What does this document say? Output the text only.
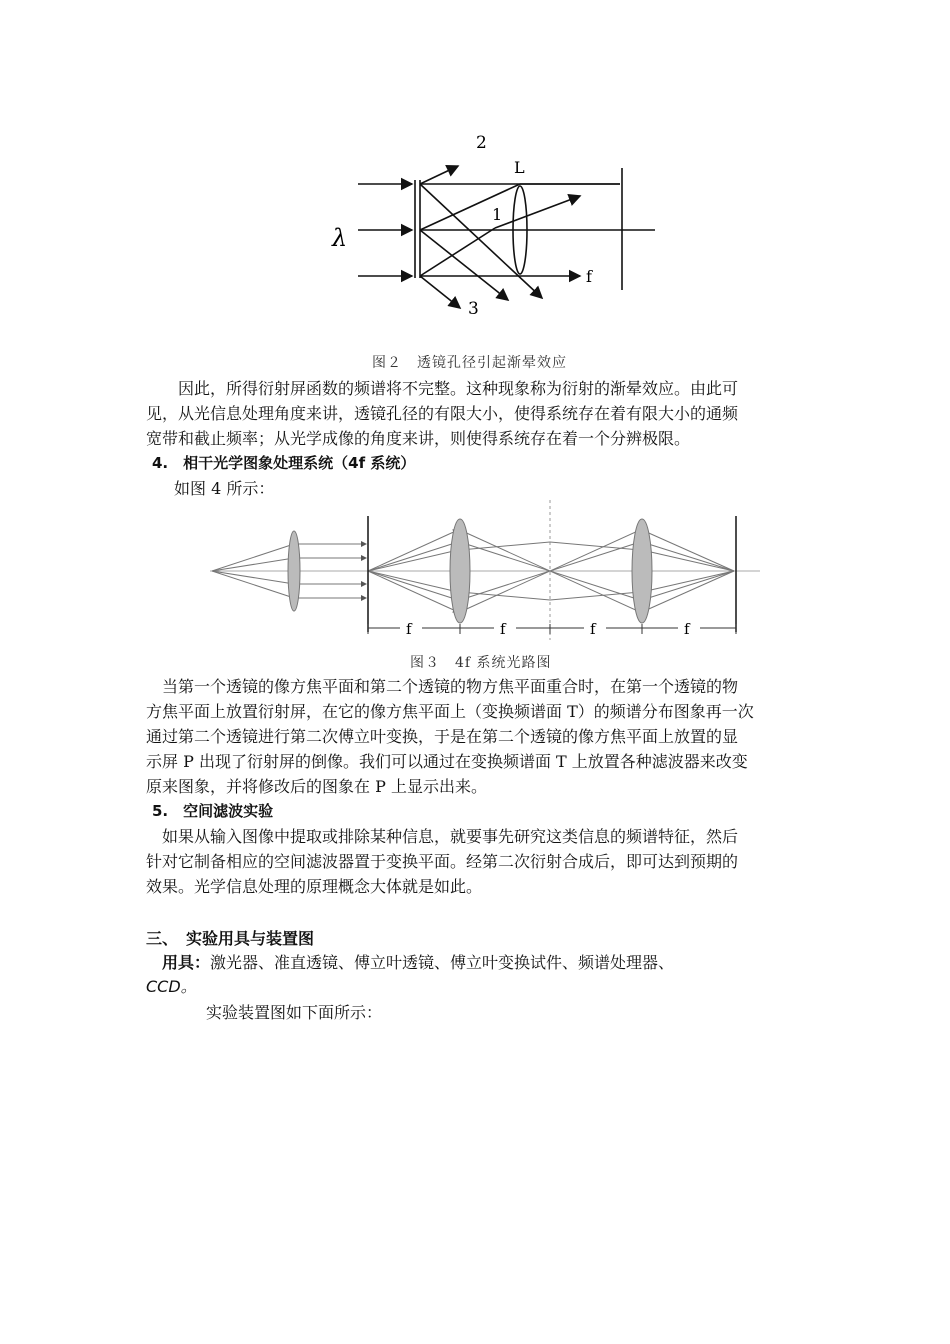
2
L
1
λ
3
f
图２　透镜孔径引起渐晕效应

因此，所得衍射屏函数的频谱将不完整。这种现象称为衍射的渐晕效应。由此可

见，从光信息处理角度来讲，透镜孔径的有限大小，使得系统存在着有限大小的通频

宽带和截止频率；从光学成像的角度来讲，则使得系统存在着一个分辨极限。

4.　相干光学图象处理系统（4f 系统）
如图 4 所示：
f	f	f	f
图３　4f 系统光路图

当第一个透镜的像方焦平面和第二个透镜的物方焦平面重合时，在第一个透镜的物

方焦平面上放置衍射屏，在它的像方焦平面上（变换频谱面 T）的频谱分布图象再一次

通过第二个透镜进行第二次傅立叶变换，于是在第二个透镜的像方焦平面上放置的显

示屏 P 出现了衍射屏的倒像。我们可以通过在变换频谱面 T 上放置各种滤波器来改变

原来图象，并将修改后的图象在 P 上显示出来。

5.　空间滤波实验

如果从输入图像中提取或排除某种信息，就要事先研究这类信息的频谱特征，然后

针对它制备相应的空间滤波器置于变换平面。经第二次衍射合成后，即可达到预期的

效果。光学信息处理的原理概念大体就是如此。

三、　实验用具与装置图
用具：激光器、准直透镜、傅立叶透镜、傅立叶变换试件、频谱处理器、
CCD。
实验装置图如下面所示：
